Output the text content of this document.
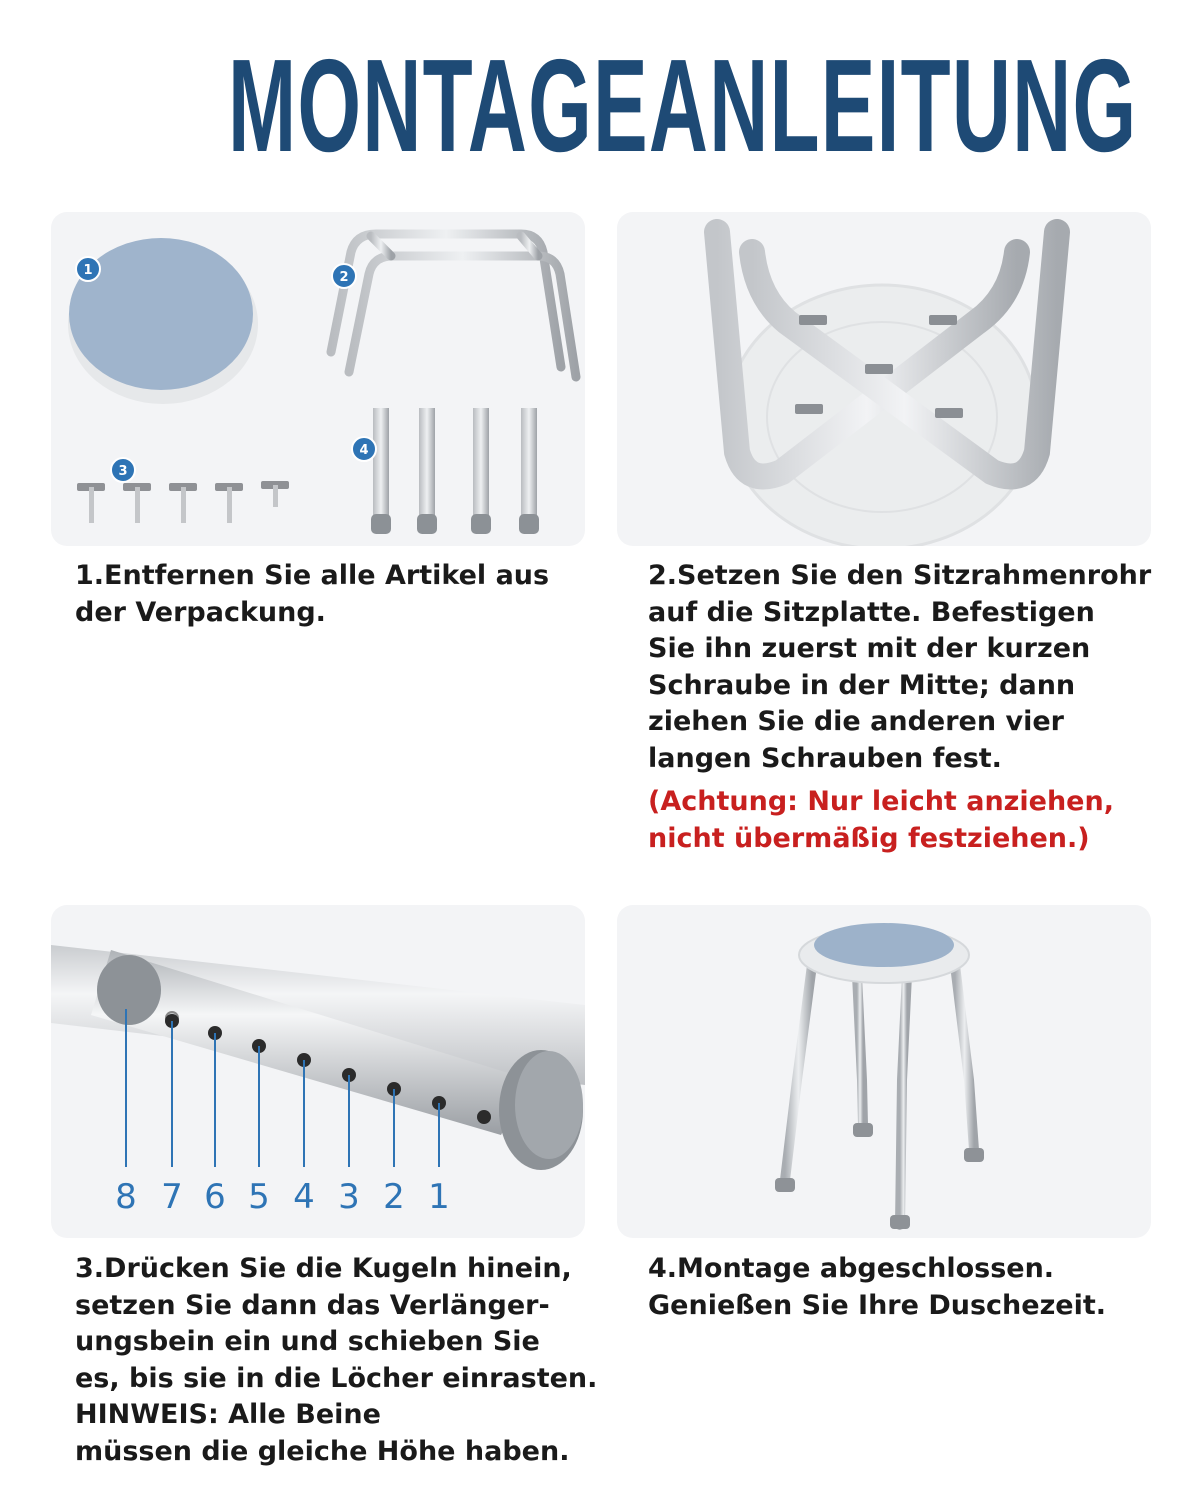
MONTAGEANLEITUNG
1	2
3
4
8 7 6 5 4 3 2 1
1.Entfernen Sie alle Artikel aus
der Verpackung.
2.Setzen Sie den Sitzrahmenrohr
auf die Sitzplatte. Befestigen
Sie ihn zuerst mit der kurzen
Schraube in der Mitte; dann
ziehen Sie die anderen vier
langen Schrauben fest.
(Achtung: Nur leicht anziehen,
nicht übermäßig festziehen.)
3.Drücken Sie die Kugeln hinein,
setzen Sie dann das Verlänger-
ungsbein ein und schieben Sie
es, bis sie in die Löcher einrasten.
HINWEIS: Alle Beine
müssen die gleiche Höhe haben.
4.Montage abgeschlossen.
Genießen Sie Ihre Duschezeit.
